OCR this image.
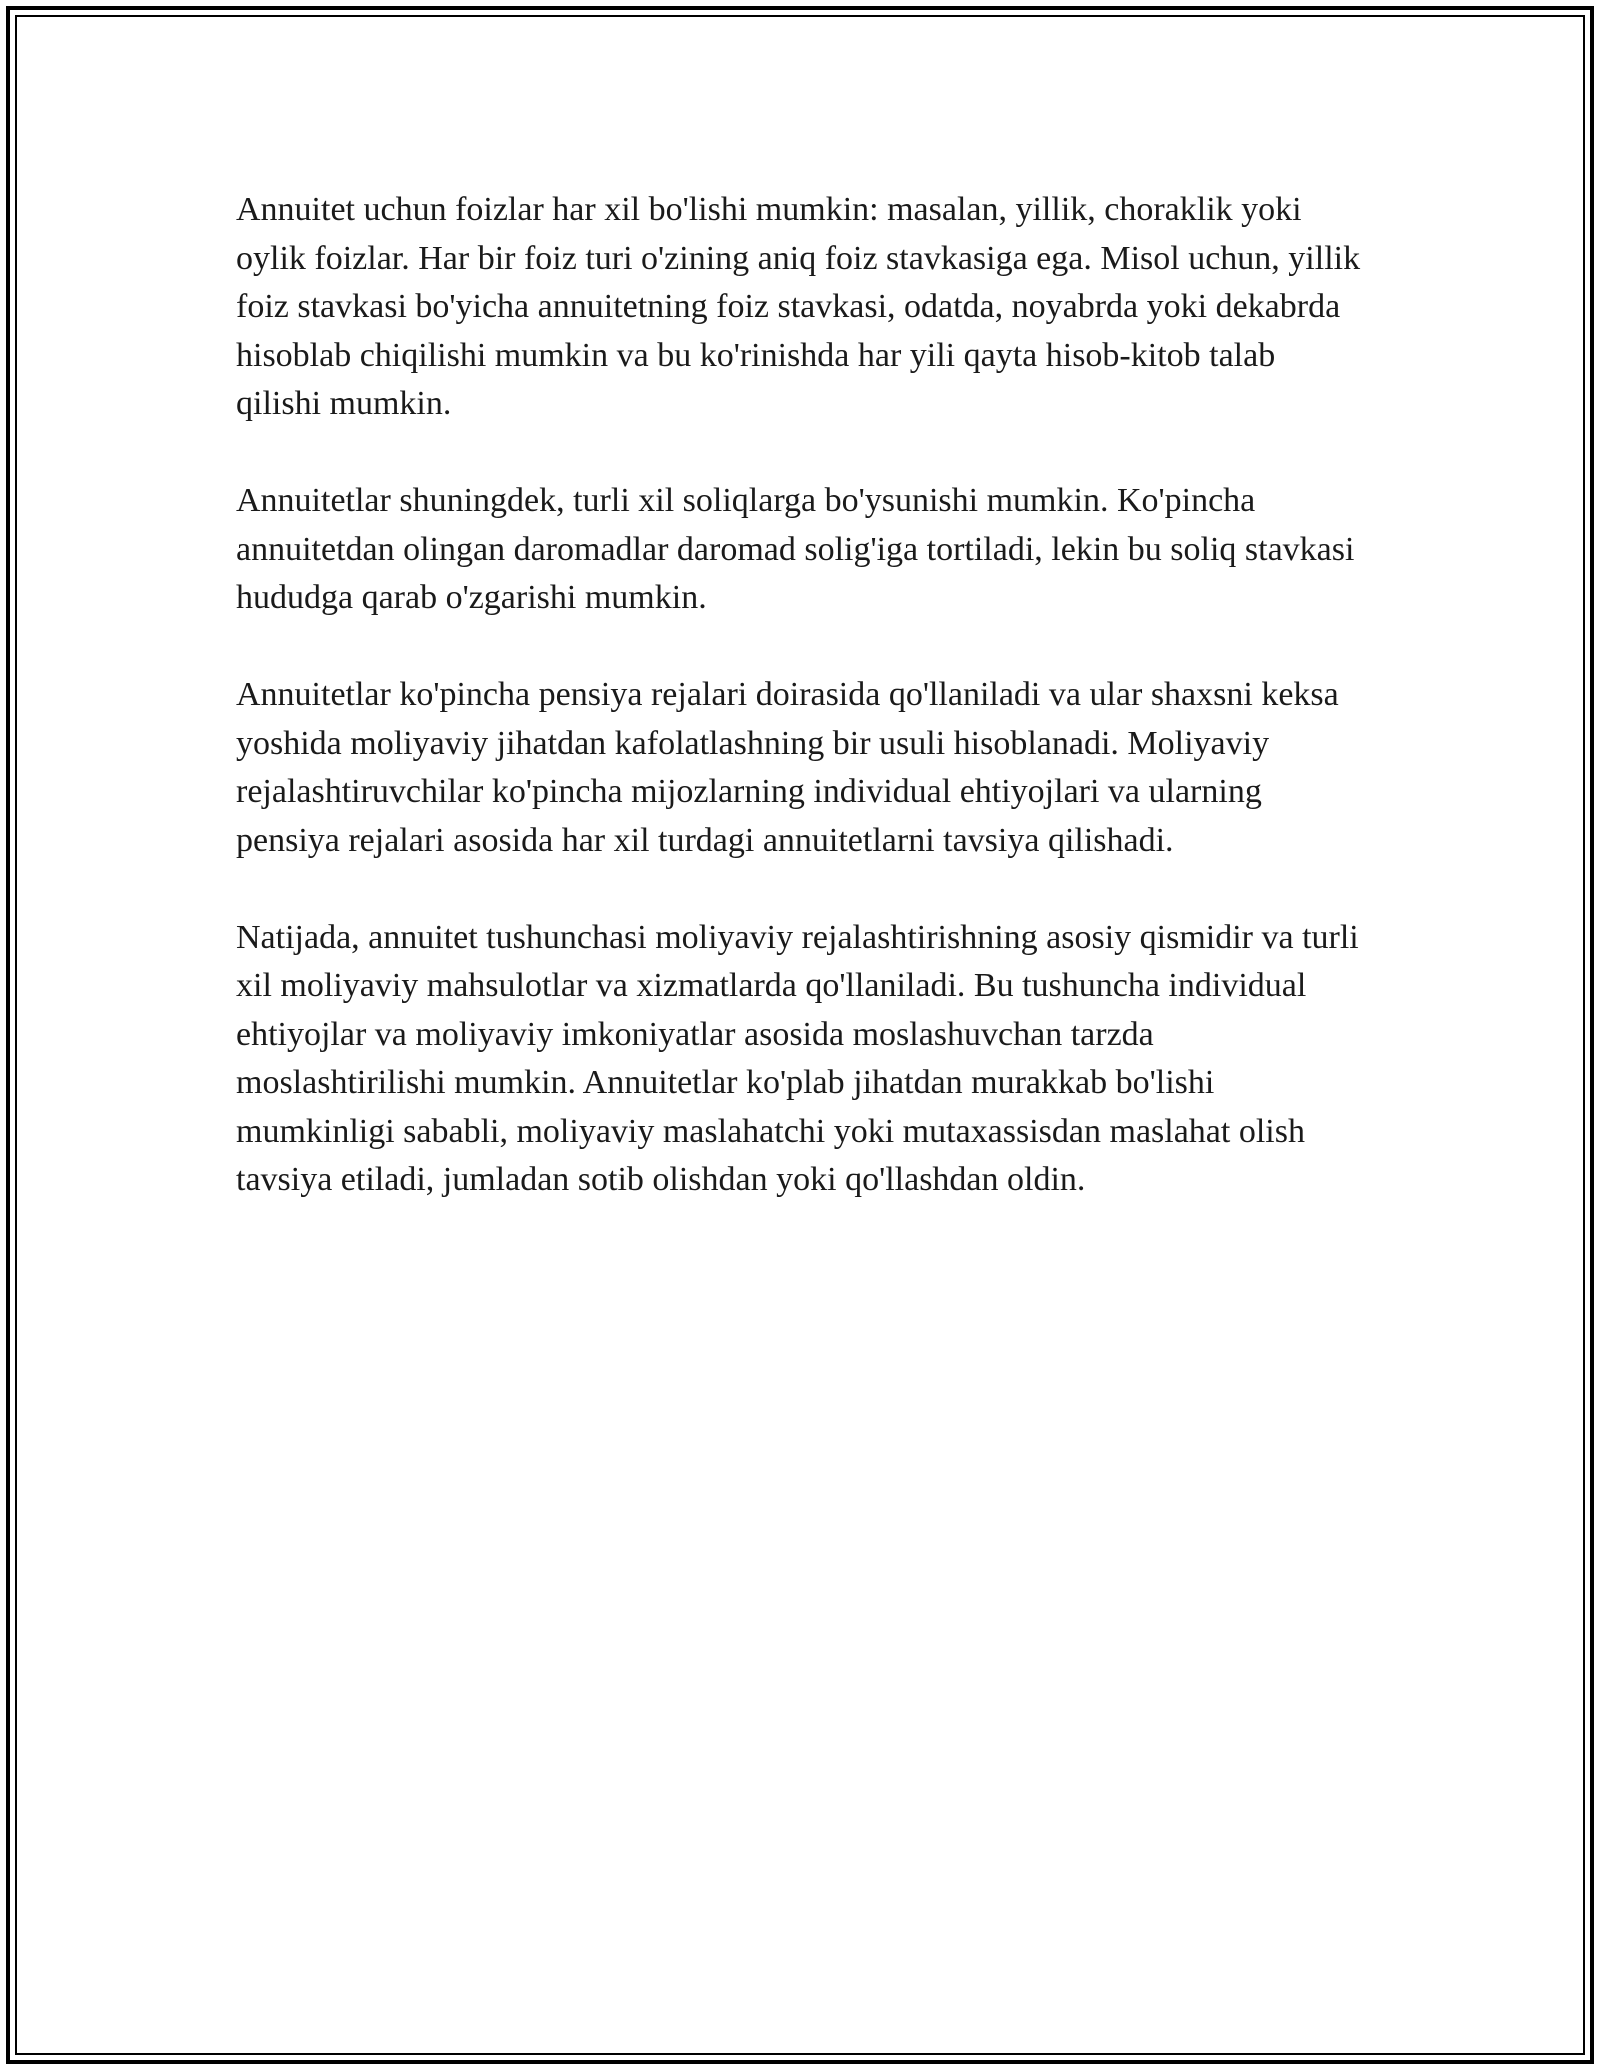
Annuitet uchun foizlar har xil bo'lishi mumkin: masalan, yillik, choraklik yoki oylik foizlar. Har bir foiz turi o'zining aniq foiz stavkasiga ega. Misol uchun, yillik foiz stavkasi bo'yicha annuitetning foiz stavkasi, odatda, noyabrda yoki dekabrda hisoblab chiqilishi mumkin va bu ko'rinishda har yili qayta hisob-kitob talab qilishi mumkin.

Annuitetlar shuningdek, turli xil soliqlarga bo'ysunishi mumkin. Ko'pincha annuitetdan olingan daromadlar daromad solig'iga tortiladi, lekin bu soliq stavkasi hududga qarab o'zgarishi mumkin.

Annuitetlar ko'pincha pensiya rejalari doirasida qo'llaniladi va ular shaxsni keksa yoshida moliyaviy jihatdan kafolatlashning bir usuli hisoblanadi. Moliyaviy rejalashtiruvchilar ko'pincha mijozlarning individual ehtiyojlari va ularning pensiya rejalari asosida har xil turdagi annuitetlarni tavsiya qilishadi.

Natijada, annuitet tushunchasi moliyaviy rejalashtirishning asosiy qismidir va turli xil moliyaviy mahsulotlar va xizmatlarda qo'llaniladi. Bu tushuncha individual ehtiyojlar va moliyaviy imkoniyatlar asosida moslashuvchan tarzda moslashtirilishi mumkin. Annuitetlar ko'plab jihatdan murakkab bo'lishi mumkinligi sababli, moliyaviy maslahatchi yoki mutaxassisdan maslahat olish tavsiya etiladi, jumladan sotib olishdan yoki qo'llashdan oldin.
